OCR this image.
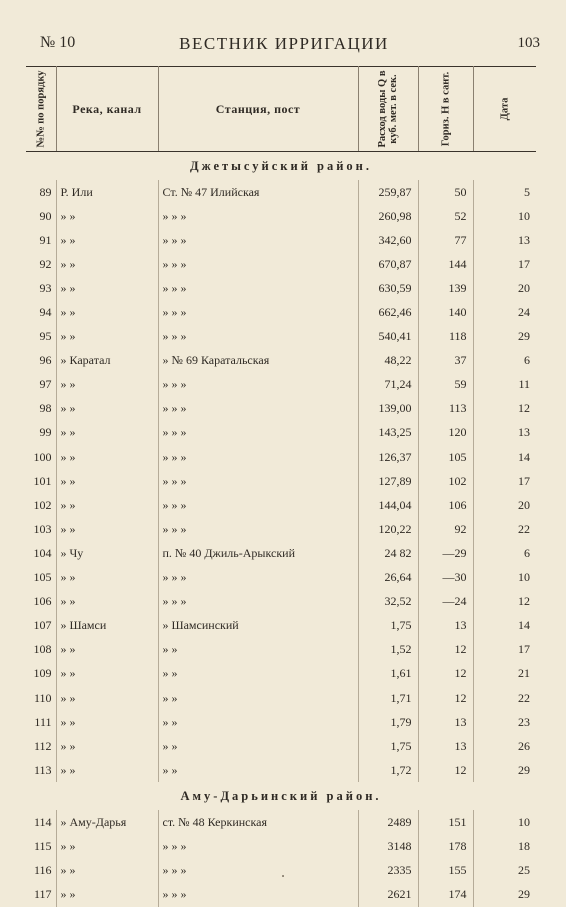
№ 10	ВЕСТНИК ИРРИГАЦИИ	103
№№ по порядку	Река, канал	Станция, пост	Расход воды Q в куб. мет. в сек.	Гориз. H в сант.	Дата

Джетысуйский район.					
89	Р. Или	Ст. № 47 Илийская	259,87	50	5
90	» »	» » »	260,98	52	10
91	» »	» » »	342,60	77	13
92	» »	» » »	670,87	144	17
93	» »	» » »	630,59	139	20
94	» »	» » »	662,46	140	24
95	» »	» » »	540,41	118	29
96	» Каратал	» № 69 Каратальская	48,22	37	6
97	» »	» » »	71,24	59	11
98	» »	» » »	139,00	113	12
99	» »	» » »	143,25	120	13
100	» »	» » »	126,37	105	14
101	» »	» » »	127,89	102	17
102	» »	» » »	144,04	106	20
103	» »	» » »	120,22	92	22
104	» Чу	п. № 40 Джиль-Арыкский	24 82	—29	6
105	» »	» » »	26,64	—30	10
106	» »	» » »	32,52	—24	12
107	» Шамси	» Шамсинский	1,75	13	14
108	» »	» »	1,52	12	17
109	» »	» »	1,61	12	21
110	» »	» »	1,71	12	22
111	» »	» »	1,79	13	23
112	» »	» »	1,75	13	26
113	» »	» »	1,72	12	29
Аму-Дарьинский район.					
114	» Аму-Дарья	ст. № 48 Керкинская	2489	151	10
115	» »	» » »	3148	178	18
116	» »	» » »	2335	155	25
117	» »	» » »	2621	174	29
•
